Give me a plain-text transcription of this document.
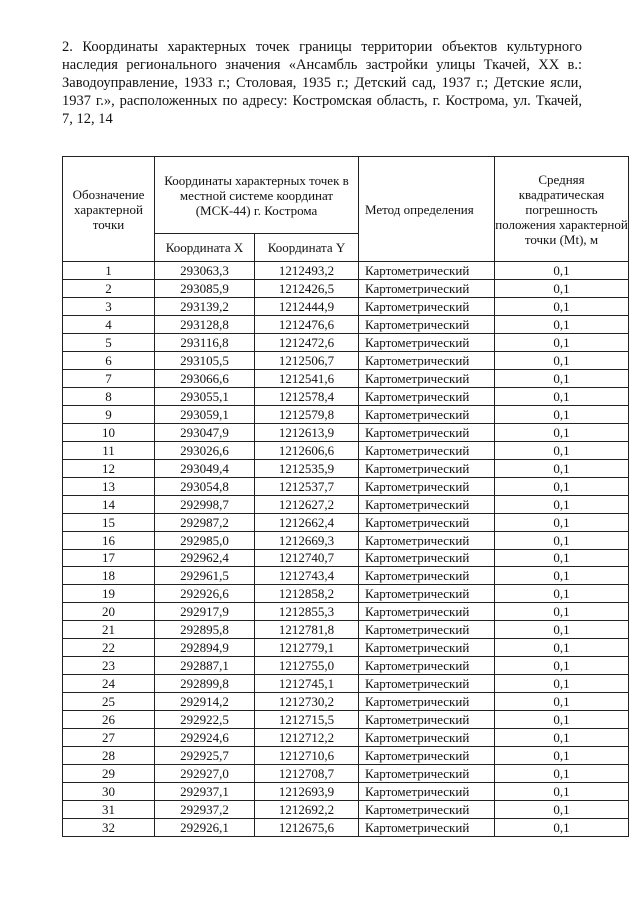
2. Координаты характерных точек границы территории объектов культурного наследия регионального значения «Ансамбль застройки улицы Ткачей, XX в.: Заводоуправление, 1933 г.; Столовая, 1935 г.; Детский сад, 1937 г.; Детские ясли, 1937 г.», расположенных по адресу: Костромская область, г. Кострома, ул. Ткачей, 7, 12, 14
Обозначение характерной точки	Координаты характерных точек в местной системе координат (МСК-44) г. Кострома		Метод определения	Средняя квадратическая погрешность положения характерной точки (Mt), м
	Координата X	Координата Y		
1	293063,3	1212493,2	Картометрический	0,1
2	293085,9	1212426,5	Картометрический	0,1
3	293139,2	1212444,9	Картометрический	0,1
4	293128,8	1212476,6	Картометрический	0,1
5	293116,8	1212472,6	Картометрический	0,1
6	293105,5	1212506,7	Картометрический	0,1
7	293066,6	1212541,6	Картометрический	0,1
8	293055,1	1212578,4	Картометрический	0,1
9	293059,1	1212579,8	Картометрический	0,1
10	293047,9	1212613,9	Картометрический	0,1
11	293026,6	1212606,6	Картометрический	0,1
12	293049,4	1212535,9	Картометрический	0,1
13	293054,8	1212537,7	Картометрический	0,1
14	292998,7	1212627,2	Картометрический	0,1
15	292987,2	1212662,4	Картометрический	0,1
16	292985,0	1212669,3	Картометрический	0,1
17	292962,4	1212740,7	Картометрический	0,1
18	292961,5	1212743,4	Картометрический	0,1
19	292926,6	1212858,2	Картометрический	0,1
20	292917,9	1212855,3	Картометрический	0,1
21	292895,8	1212781,8	Картометрический	0,1
22	292894,9	1212779,1	Картометрический	0,1
23	292887,1	1212755,0	Картометрический	0,1
24	292899,8	1212745,1	Картометрический	0,1
25	292914,2	1212730,2	Картометрический	0,1
26	292922,5	1212715,5	Картометрический	0,1
27	292924,6	1212712,2	Картометрический	0,1
28	292925,7	1212710,6	Картометрический	0,1
29	292927,0	1212708,7	Картометрический	0,1
30	292937,1	1212693,9	Картометрический	0,1
31	292937,2	1212692,2	Картометрический	0,1
32	292926,1	1212675,6	Картометрический	0,1
